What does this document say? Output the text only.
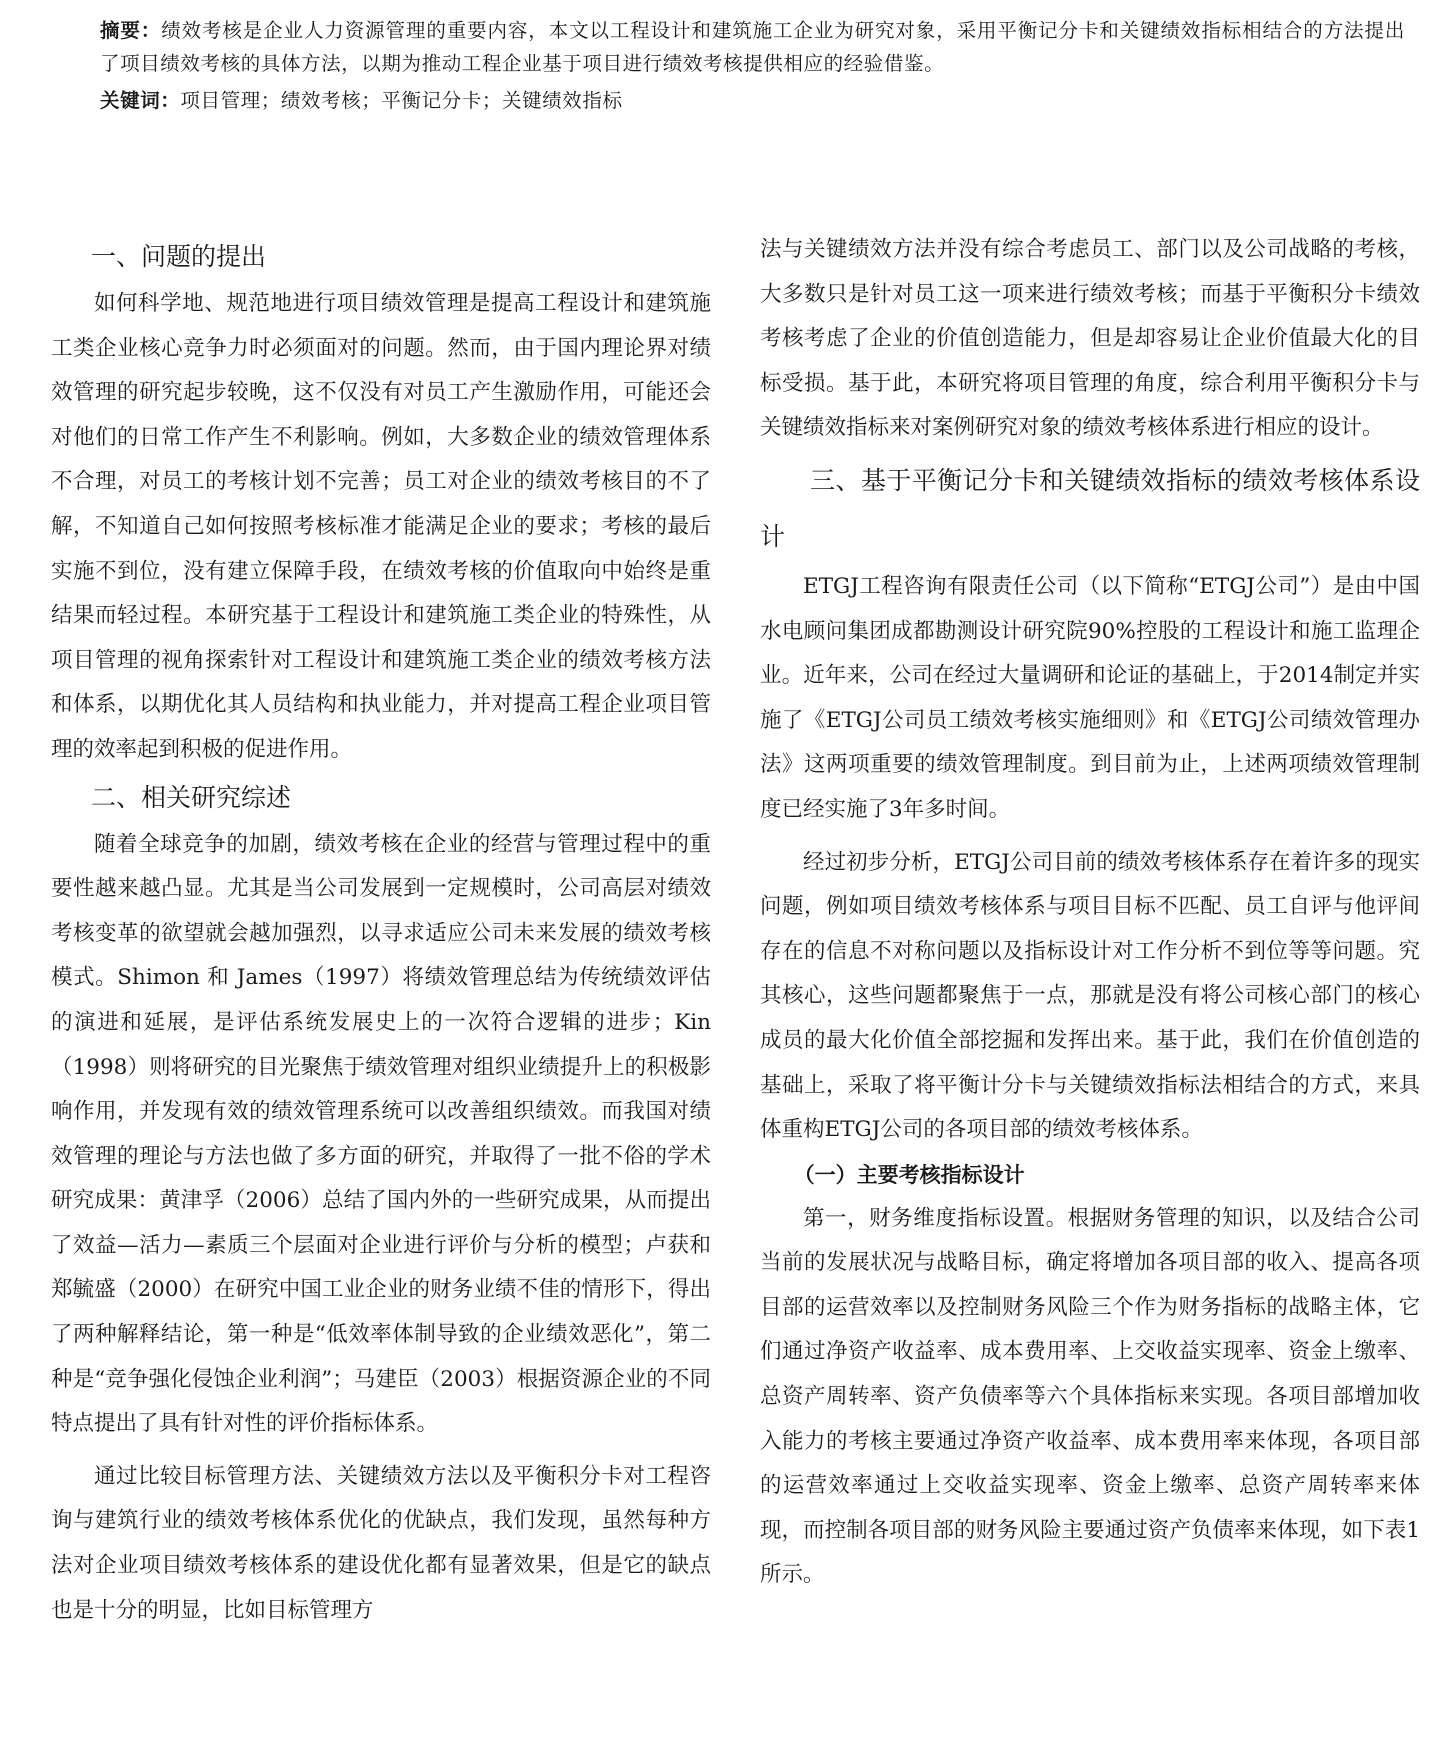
摘要：绩效考核是企业人力资源管理的重要内容，本文以工程设计和建筑施工企业为研究对象，采用平衡记分卡和关键绩效指标相结合的方法提出了项目绩效考核的具体方法，以期为推动工程企业基于项目进行绩效考核提供相应的经验借鉴。

关键词：项目管理；绩效考核；平衡记分卡；关键绩效指标

一、问题的提出

如何科学地、规范地进行项目绩效管理是提高工程设计和建筑施工类企业核心竞争力时必须面对的问题。然而，由于国内理论界对绩效管理的研究起步较晚，这不仅没有对员工产生激励作用，可能还会对他们的日常工作产生不利影响。例如，大多数企业的绩效管理体系不合理，对员工的考核计划不完善；员工对企业的绩效考核目的不了解，不知道自己如何按照考核标准才能满足企业的要求；考核的最后实施不到位，没有建立保障手段，在绩效考核的价值取向中始终是重结果而轻过程。本研究基于工程设计和建筑施工类企业的特殊性，从项目管理的视角探索针对工程设计和建筑施工类企业的绩效考核方法和体系，以期优化其人员结构和执业能力，并对提高工程企业项目管理的效率起到积极的促进作用。

二、相关研究综述

随着全球竞争的加剧，绩效考核在企业的经营与管理过程中的重要性越来越凸显。尤其是当公司发展到一定规模时，公司高层对绩效考核变革的欲望就会越加强烈，以寻求适应公司未来发展的绩效考核模式。Shimon 和 James（1997）将绩效管理总结为传统绩效评估的演进和延展，是评估系统发展史上的一次符合逻辑的进步；Kin（1998）则将研究的目光聚焦于绩效管理对组织业绩提升上的积极影响作用，并发现有效的绩效管理系统可以改善组织绩效。而我国对绩效管理的理论与方法也做了多方面的研究，并取得了一批不俗的学术研究成果：黄津孚（2006）总结了国内外的一些研究成果，从而提出了效益—活力—素质三个层面对企业进行评价与分析的模型；卢获和郑毓盛（2000）在研究中国工业企业的财务业绩不佳的情形下，得出了两种解释结论，第一种是“低效率体制导致的企业绩效恶化”，第二种是“竞争强化侵蚀企业利润”；马建臣（2003）根据资源企业的不同特点提出了具有针对性的评价指标体系。

通过比较目标管理方法、关键绩效方法以及平衡积分卡对工程咨询与建筑行业的绩效考核体系优化的优缺点，我们发现，虽然每种方法对企业项目绩效考核体系的建设优化都有显著效果，但是它的缺点也是十分的明显，比如目标管理方

法与关键绩效方法并没有综合考虑员工、部门以及公司战略的考核，大多数只是针对员工这一项来进行绩效考核；而基于平衡积分卡绩效考核考虑了企业的价值创造能力，但是却容易让企业价值最大化的目标受损。基于此，本研究将项目管理的角度，综合利用平衡积分卡与关键绩效指标来对案例研究对象的绩效考核体系进行相应的设计。

三、基于平衡记分卡和关键绩效指标的绩效考核体系设计

ETGJ工程咨询有限责任公司（以下简称“ETGJ公司”）是由中国水电顾问集团成都勘测设计研究院90%控股的工程设计和施工监理企业。近年来，公司在经过大量调研和论证的基础上，于2014制定并实施了《ETGJ公司员工绩效考核实施细则》和《ETGJ公司绩效管理办法》这两项重要的绩效管理制度。到目前为止，上述两项绩效管理制度已经实施了3年多时间。

经过初步分析，ETGJ公司目前的绩效考核体系存在着许多的现实问题，例如项目绩效考核体系与项目目标不匹配、员工自评与他评间存在的信息不对称问题以及指标设计对工作分析不到位等等问题。究其核心，这些问题都聚焦于一点，那就是没有将公司核心部门的核心成员的最大化价值全部挖掘和发挥出来。基于此，我们在价值创造的基础上，采取了将平衡计分卡与关键绩效指标法相结合的方式，来具体重构ETGJ公司的各项目部的绩效考核体系。

（一）主要考核指标设计

第一，财务维度指标设置。根据财务管理的知识，以及结合公司当前的发展状况与战略目标，确定将增加各项目部的收入、提高各项目部的运营效率以及控制财务风险三个作为财务指标的战略主体，它们通过净资产收益率、成本费用率、上交收益实现率、资金上缴率、总资产周转率、资产负债率等六个具体指标来实现。各项目部增加收入能力的考核主要通过净资产收益率、成本费用率来体现，各项目部的运营效率通过上交收益实现率、资金上缴率、总资产周转率来体现，而控制各项目部的财务风险主要通过资产负债率来体现，如下表1所示。
